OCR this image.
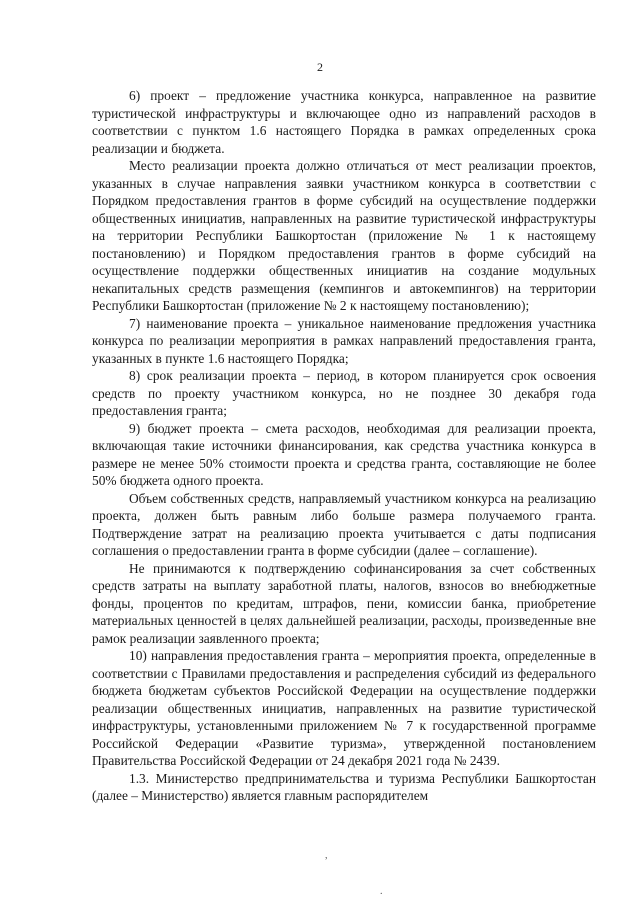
2

6) проект – предложение участника конкурса, направленное на развитие туристической инфраструктуры и включающее одно из направлений расходов в соответствии с пунктом 1.6 настоящего Порядка в рамках определенных срока реализации и бюджета.

Место реализации проекта должно отличаться от мест реализации проектов, указанных в случае направления заявки участником конкурса в соответствии с Порядком предоставления грантов в форме субсидий на осуществление поддержки общественных инициатив, направленных на развитие туристической инфраструктуры на территории Республики Башкортостан (приложение № 1 к настоящему постановлению) и Порядком предоставления грантов в форме субсидий на осуществление поддержки общественных инициатив на создание модульных некапитальных средств размещения (кемпингов и автокемпингов) на территории Республики Башкортостан (приложение № 2 к настоящему постановлению);

7) наименование проекта – уникальное наименование предложения участника конкурса по реализации мероприятия в рамках направлений предоставления гранта, указанных в пункте 1.6 настоящего Порядка;

8) срок реализации проекта – период, в котором планируется срок освоения средств по проекту участником конкурса, но не позднее 30 декабря года предоставления гранта;

9) бюджет проекта – смета расходов, необходимая для реализации проекта, включающая такие источники финансирования, как средства участника конкурса в размере не менее 50% стоимости проекта и средства гранта, составляющие не более 50% бюджета одного проекта.

Объем собственных средств, направляемый участником конкурса на реализацию проекта, должен быть равным либо больше размера получаемого гранта. Подтверждение затрат на реализацию проекта учитывается с даты подписания соглашения о предоставлении гранта в форме субсидии (далее – соглашение).

Не принимаются к подтверждению софинансирования за счет собственных средств затраты на выплату заработной платы, налогов, взносов во внебюджетные фонды, процентов по кредитам, штрафов, пени, комиссии банка, приобретение материальных ценностей в целях дальнейшей реализации, расходы, произведенные вне рамок реализации заявленного проекта;

10) направления предоставления гранта – мероприятия проекта, определенные в соответствии с Правилами предоставления и распределения субсидий из федерального бюджета бюджетам субъектов Российской Федерации на осуществление поддержки реализации общественных инициатив, направленных на развитие туристической инфраструктуры, установленными приложением № 7 к государственной программе Российской Федерации «Развитие туризма», утвержденной постановлением Правительства Российской Федерации от 24 декабря 2021 года № 2439.

1.3. Министерство предпринимательства и туризма Республики Башкортостан (далее – Министерство) является главным распорядителем

,
.
